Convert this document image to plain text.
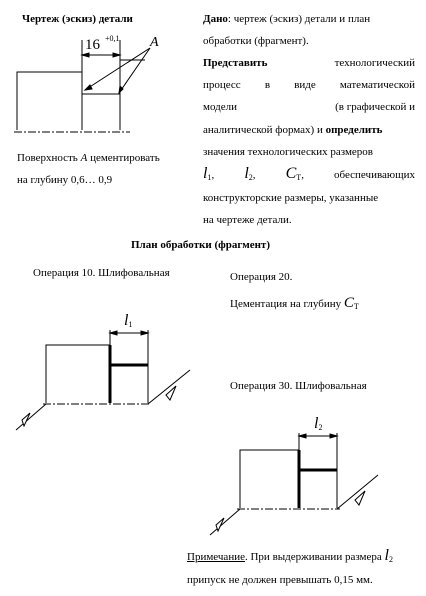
Чертеж (эскиз) детали
16 +0,1 A
Поверхность A цементировать
на глубину 0,6… 0,9
Дано: чертеж (эскиз) детали и план
обработки (фрагмент).
Представить	технологический
процесс в виде математической
модели	(в графической и
аналитической формах) и определить
значения технологических размеров
$l_1$, $l_2$, $C_Т$,	обеспечивающих
конструкторские размеры, указанные
на чертеже детали.
План обработки (фрагмент)
Операция 10. Шлифовальная	Операция 20.
Цементация на глубину $C_Т$
$l_1$
Операция 30. Шлифовальная
$l_2$
Примечание. При выдерживании размера $l_2$
припуск не должен превышать 0,15 мм.
